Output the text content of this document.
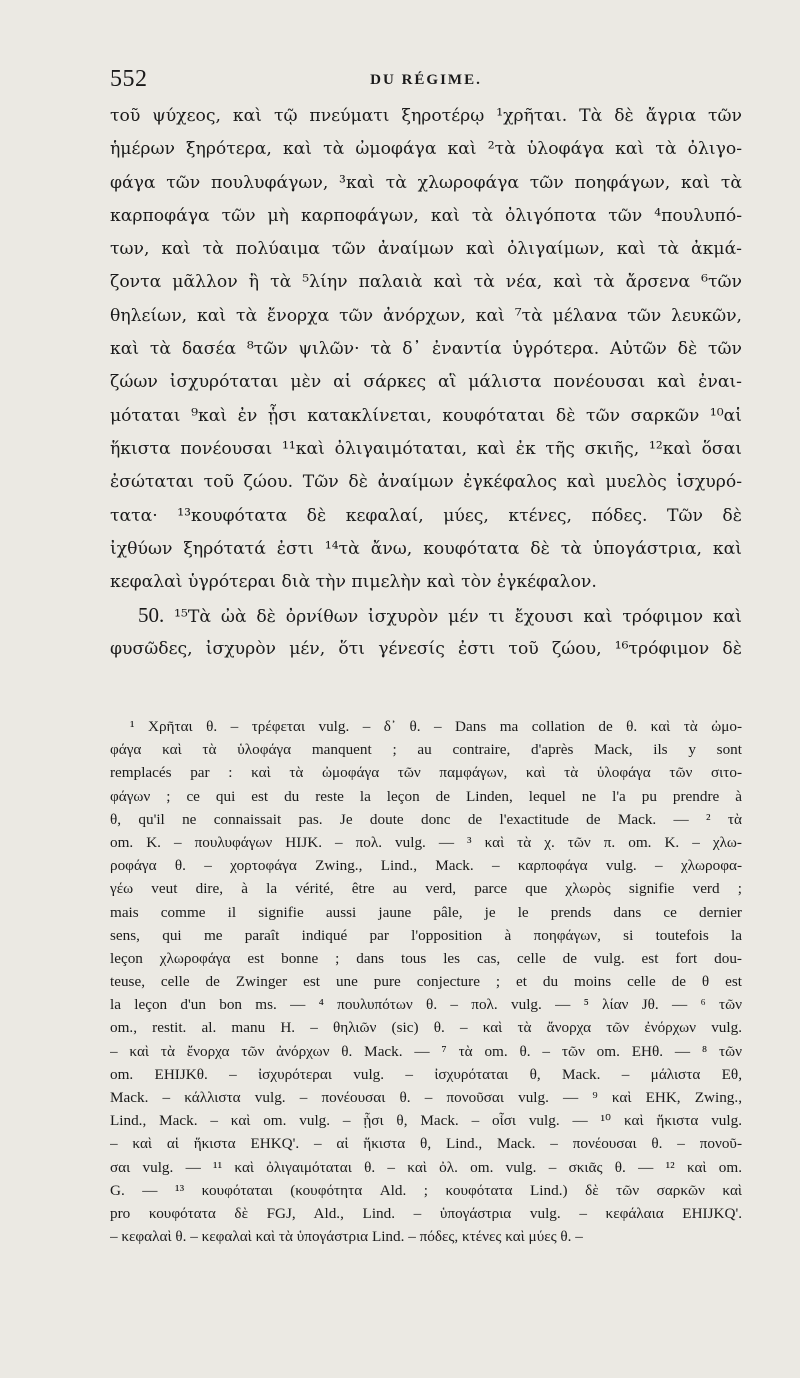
552	DU RÉGIME.
τοῦ ψύχεος, καὶ τῷ πνεύματι ξηροτέρῳ ¹χρῆται. Τὰ δὲ ἄγρια τῶν
ἡμέρων ξηρότερα, καὶ τὰ ὠμοφάγα καὶ ²τὰ ὑλοφάγα καὶ τὰ ὀλιγο-
φάγα τῶν πουλυφάγων, ³καὶ τὰ χλωροφάγα τῶν ποηφάγων, καὶ τὰ
καρποφάγα τῶν μὴ καρποφάγων, καὶ τὰ ὀλιγόποτα τῶν ⁴πουλυπό-
των, καὶ τὰ πολύαιμα τῶν ἀναίμων καὶ ὀλιγαίμων, καὶ τὰ ἀκμά-
ζοντα μᾶλλον ἢ τὰ ⁵λίην παλαιὰ καὶ τὰ νέα, καὶ τὰ ἄρσενα ⁶τῶν
θηλείων, καὶ τὰ ἔνορχα τῶν ἀνόρχων, καὶ ⁷τὰ μέλανα τῶν λευκῶν,
καὶ τὰ δασέα ⁸τῶν ψιλῶν· τὰ δ᾽ ἐναντία ὑγρότερα. Αὐτῶν δὲ τῶν
ζώων ἰσχυρόταται μὲν αἱ σάρκες αἳ μάλιστα πονέουσαι καὶ ἐναι-
μόταται ⁹καὶ ἐν ᾗσι κατακλίνεται, κουφόταται δὲ τῶν σαρκῶν ¹⁰αἱ
ἥκιστα πονέουσαι ¹¹καὶ ὀλιγαιμόταται, καὶ ἐκ τῆς σκιῆς, ¹²καὶ ὅσαι
ἐσώταται τοῦ ζώου. Τῶν δὲ ἀναίμων ἐγκέφαλος καὶ μυελὸς ἰσχυρό-
τατα· ¹³κουφότατα δὲ κεφαλαί, μύες, κτένες, πόδες. Τῶν δὲ
ἰχθύων ξηρότατά ἐστι ¹⁴τὰ ἄνω, κουφότατα δὲ τὰ ὑπογάστρια, καὶ
κεφαλαὶ ὑγρότεραι διὰ τὴν πιμελὴν καὶ τὸν ἐγκέφαλον.
50. ¹⁵Τὰ ὠὰ δὲ ὀρνίθων ἰσχυρὸν μέν τι ἔχουσι καὶ τρόφιμον καὶ
φυσῶδες, ἰσχυρὸν μέν, ὅτι γένεσίς ἐστι τοῦ ζώου, ¹⁶τρόφιμον δὲ
¹ Χρῆται θ. – τρέφεται vulg. – δ᾽ θ. – Dans ma collation de θ. καὶ τὰ ὠμο-
φάγα καὶ τὰ ὑλοφάγα manquent ; au contraire, d'après Mack, ils y sont
remplacés par : καὶ τὰ ὠμοφάγα τῶν παμφάγων, καὶ τὰ ὑλοφάγα τῶν σιτο-
φάγων ; ce qui est du reste la leçon de Linden, lequel ne l'a pu prendre à
θ, qu'il ne connaissait pas. Je doute donc de l'exactitude de Mack. — ² τὰ
om. K. – πουλυφάγων HIJK. – πολ. vulg. — ³ καὶ τὰ χ. τῶν π. om. K. – χλω-
ροφάγα θ. – χορτοφάγα Zwing., Lind., Mack. – καρποφάγα vulg. – χλωροφα-
γέω veut dire, à la vérité, être au verd, parce que χλωρὸς signifie verd ;
mais comme il signifie aussi jaune pâle, je le prends dans ce dernier
sens, qui me paraît indiqué par l'opposition à ποηφάγων, si toutefois la
leçon χλωροφάγα est bonne ; dans tous les cas, celle de vulg. est fort dou-
teuse, celle de Zwinger est une pure conjecture ; et du moins celle de θ est
la leçon d'un bon ms. — ⁴ πουλυπότων θ. – πολ. vulg. — ⁵ λίαν Jθ. — ⁶ τῶν
om., restit. al. manu H. – θηλιῶν (sic) θ. – καὶ τὰ ἄνορχα τῶν ἐνόρχων vulg.
– καὶ τὰ ἔνορχα τῶν ἀνόρχων θ. Mack. — ⁷ τὰ om. θ. – τῶν om. EHθ. — ⁸ τῶν
om. EHIJKθ. – ἰσχυρότεραι vulg. – ἰσχυρόταται θ, Mack. – μάλιστα Eθ,
Mack. – κάλλιστα vulg. – πονέουσαι θ. – πονοῦσαι vulg. — ⁹ καὶ EHK, Zwing.,
Lind., Mack. – καὶ om. vulg. – ᾗσι θ, Mack. – οἷσι vulg. — ¹⁰ καὶ ἥκιστα vulg.
– καὶ αἱ ἥκιστα EHKQ'. – αἱ ἥκιστα θ, Lind., Mack. – πονέουσαι θ. – πονοῦ-
σαι vulg. — ¹¹ καὶ ὀλιγαιμόταται θ. – καὶ ὀλ. om. vulg. – σκιᾶς θ. — ¹² καὶ om.
G. — ¹³ κουφόταται (κουφότητα Ald. ; κουφότατα Lind.) δὲ τῶν σαρκῶν καὶ
pro κουφότατα δὲ FGJ, Ald., Lind. – ὑπογάστρια vulg. – κεφάλαια EHIJKQ'.
– κεφαλαὶ θ. – κεφαλαὶ καὶ τὰ ὑπογάστρια Lind. – πόδες, κτένες καὶ μύες θ. –
